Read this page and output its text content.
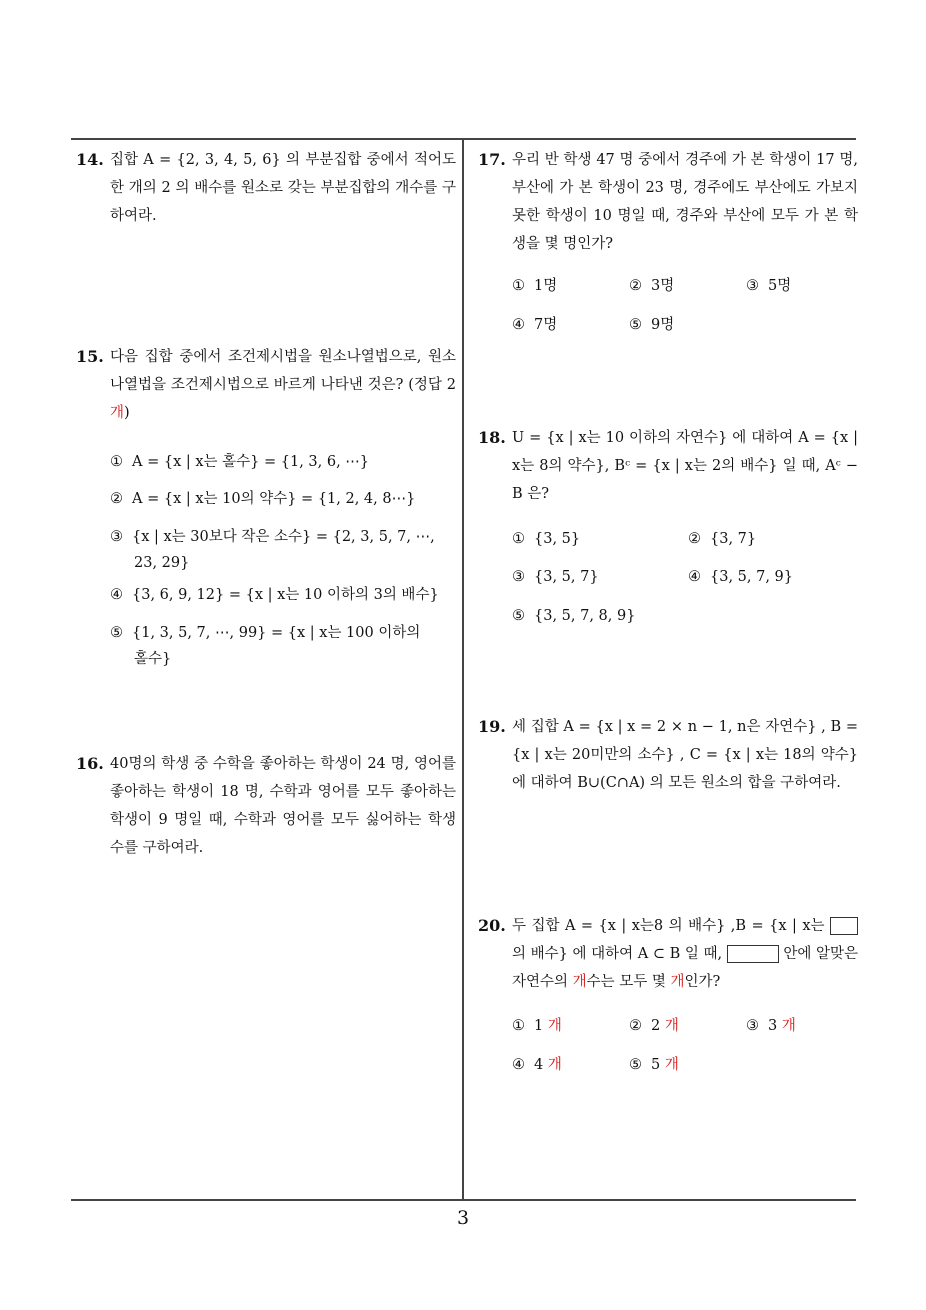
14. 집합 A = {2, 3, 4, 5, 6} 의 부분집합 중에서 적어도 한 개의 2 의 배수를 원소로 갖는 부분집합의 개수를 구하여라.
15. 다음 집합 중에서 조건제시법을 원소나열법으로, 원소나열법을 조건제시법으로 바르게 나타낸 것은? (정답 2 개)
① A = {x | x는 홀수} = {1, 3, 6, ⋯}
② A = {x | x는 10의 약수} = {1, 2, 4, 8⋯}
③ {x | x는 30보다 작은 소수} = {2, 3, 5, 7, ⋯,
23, 29}
④ {3, 6, 9, 12} = {x | x는 10 이하의 3의 배수}
⑤ {1, 3, 5, 7, ⋯, 99} = {x | x는 100 이하의
홀수}
16. 40명의 학생 중 수학을 좋아하는 학생이 24 명, 영어를 좋아하는 학생이 18 명, 수학과 영어를 모두 좋아하는 학생이 9 명일 때, 수학과 영어를 모두 싫어하는 학생 수를 구하여라.
17. 우리 반 학생 47 명 중에서 경주에 가 본 학생이 17 명, 부산에 가 본 학생이 23 명, 경주에도 부산에도 가보지 못한 학생이 10 명일 때, 경주와 부산에 모두 가 본 학생을 몇 명인가?
① 1명	② 3명	③ 5명
④ 7명	⑤ 9명
18. U = {x | x는 10 이하의 자연수} 에 대하여 A = {x | x는 8의 약수}, Bᶜ = {x | x는 2의 배수} 일 때, Aᶜ − B 은?
① {3, 5}	② {3, 7}
③ {3, 5, 7}	④ {3, 5, 7, 9}
⑤ {3, 5, 7, 8, 9}
19. 세 집합 A = {x | x = 2 × n − 1, n은 자연수} , B = {x | x는 20미만의 소수} , C = {x | x는 18의 약수} 에 대하여 B∪(C∩A) 의 모든 원소의 합을 구하여라.
20. 두 집합 A = {x | x는8 의 배수} ,B = {x | x는 의 배수} 에 대하여 A ⊂ B 일 때,	안에 알맞은 자연수의 개수는 모두 몇 개인가?
① 1 개	② 2 개	③ 3 개
④ 4 개	⑤ 5 개
3
